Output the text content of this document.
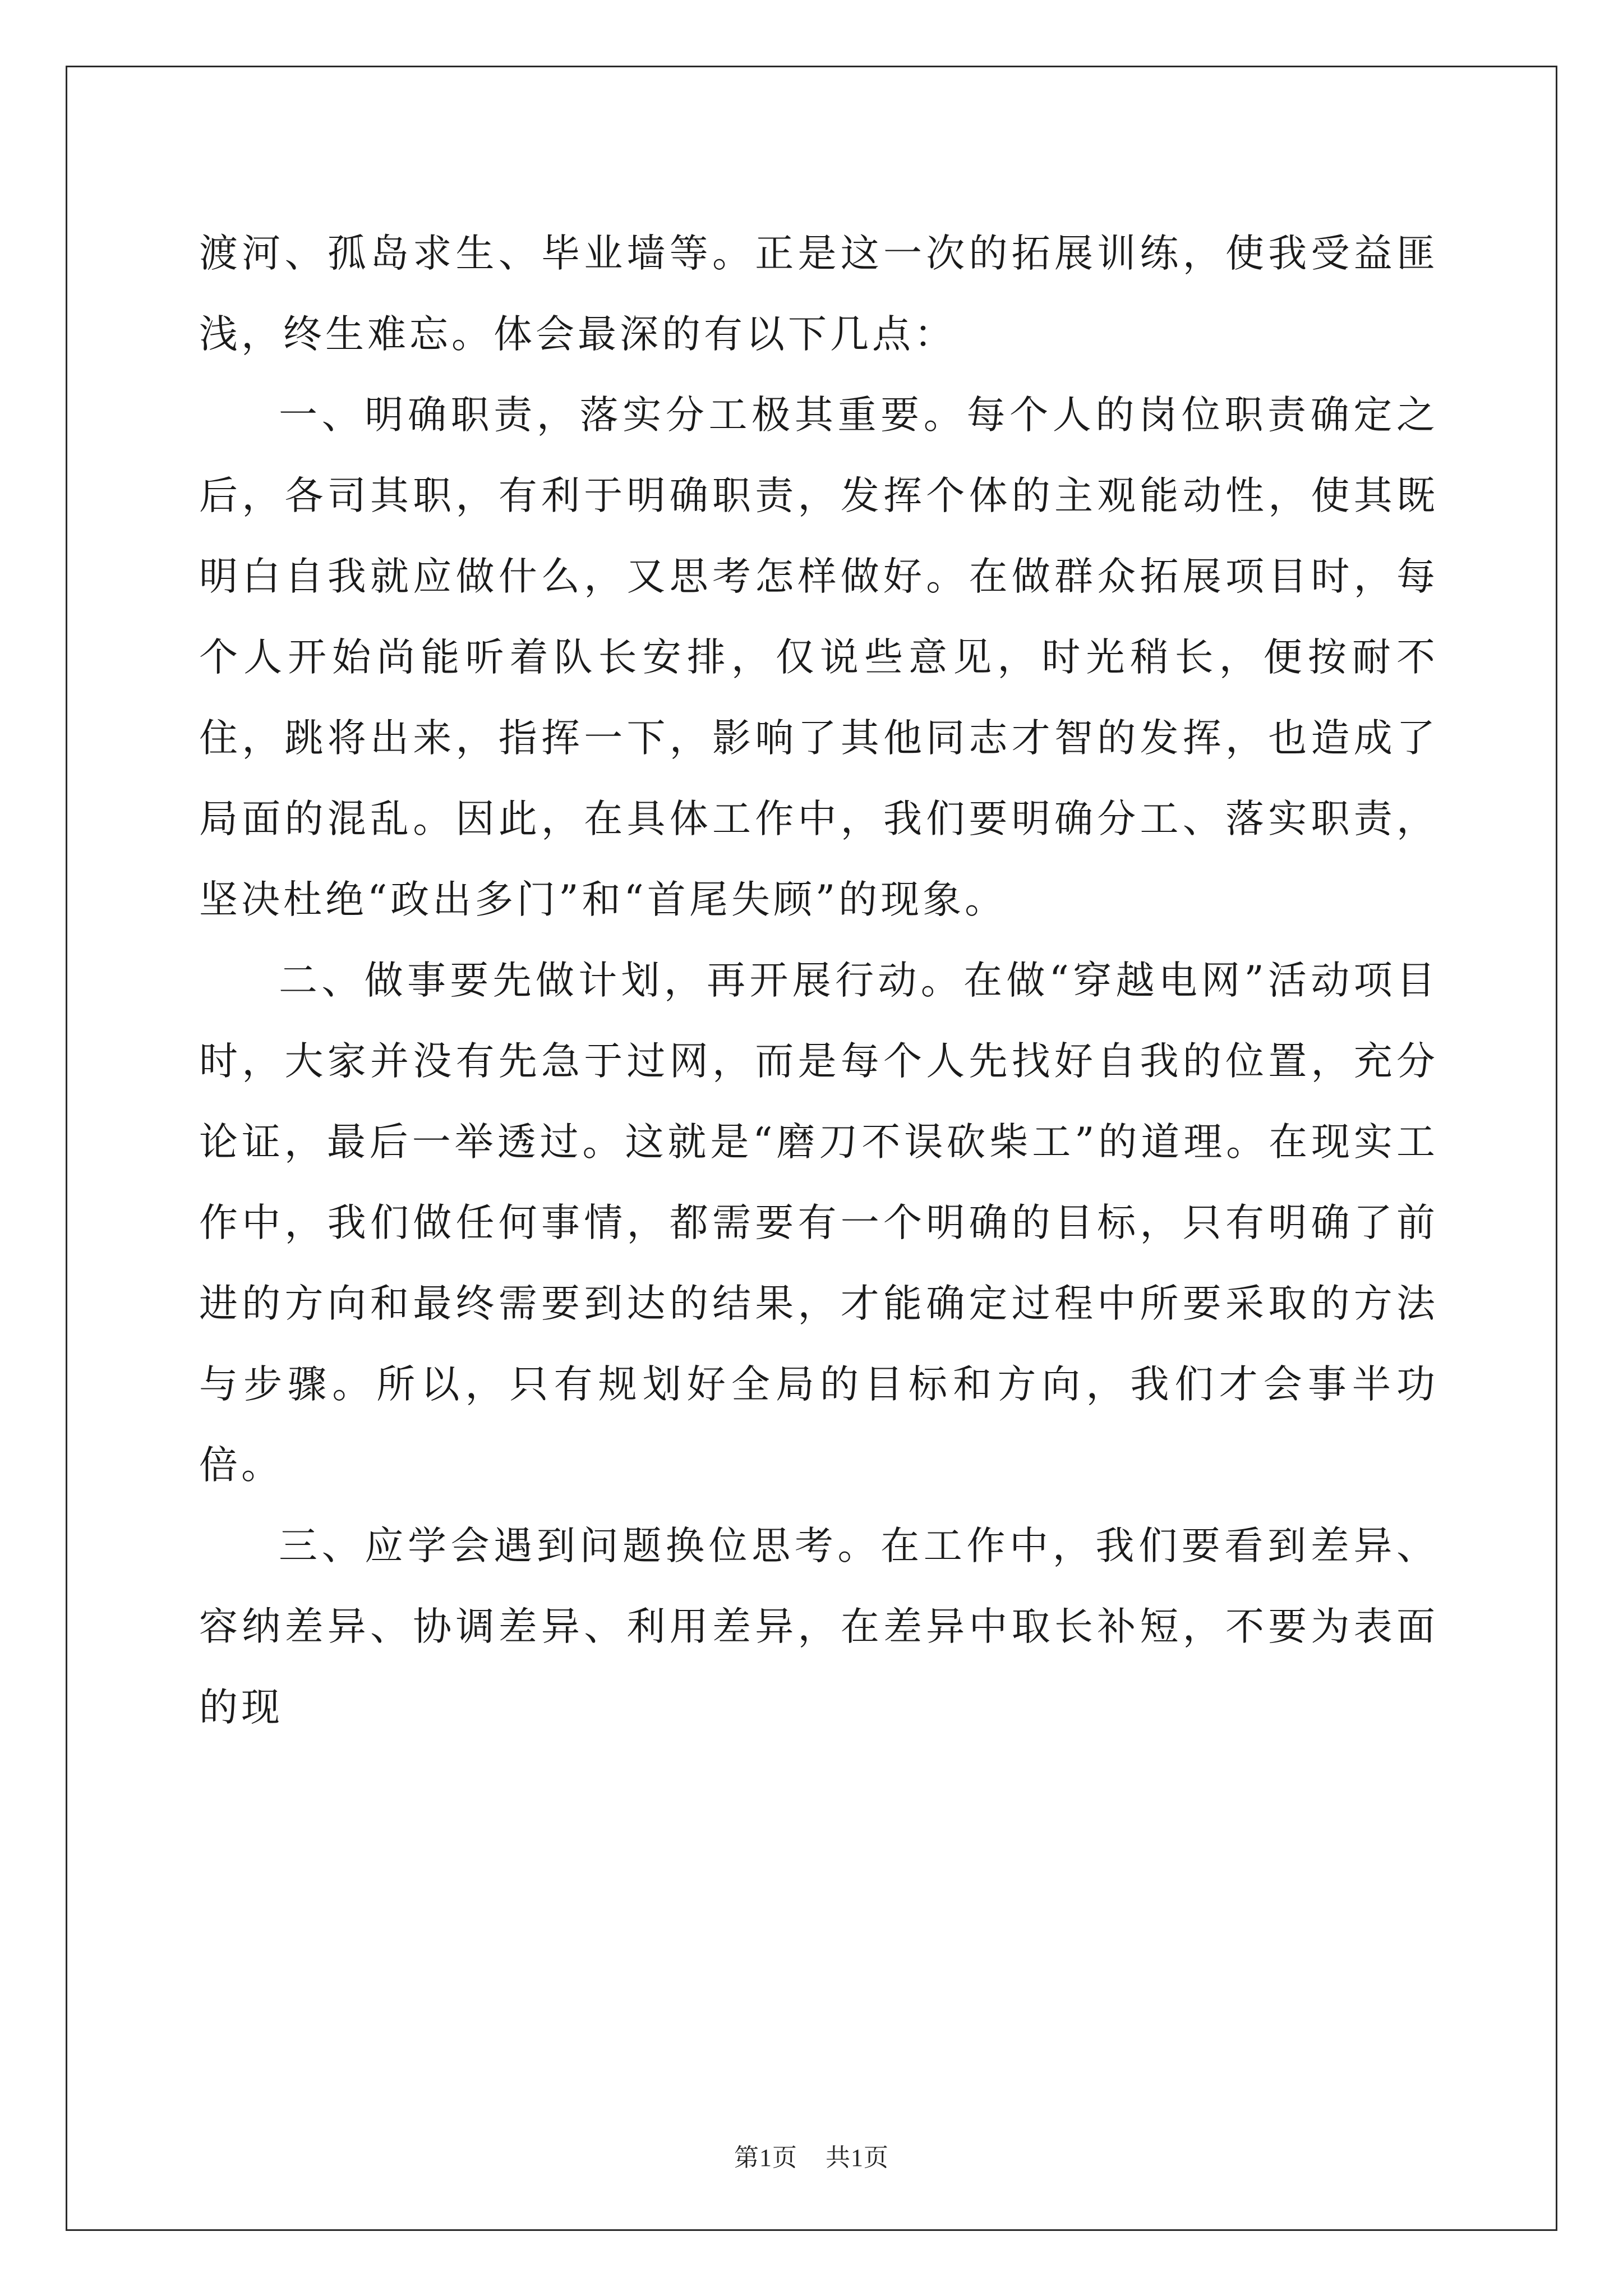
渡河、孤岛求生、毕业墙等。正是这一次的拓展训练，使我受益匪浅，终生难忘。体会最深的有以下几点：

一、明确职责，落实分工极其重要。每个人的岗位职责确定之后，各司其职，有利于明确职责，发挥个体的主观能动性，使其既明白自我就应做什么，又思考怎样做好。在做群众拓展项目时，每个人开始尚能听着队长安排，仅说些意见，时光稍长，便按耐不住，跳将出来，指挥一下，影响了其他同志才智的发挥，也造成了局面的混乱。因此，在具体工作中，我们要明确分工、落实职责，坚决杜绝“政出多门”和“首尾失顾”的现象。

二、做事要先做计划，再开展行动。在做“穿越电网”活动项目时，大家并没有先急于过网，而是每个人先找好自我的位置，充分论证，最后一举透过。这就是“磨刀不误砍柴工”的道理。在现实工作中，我们做任何事情，都需要有一个明确的目标，只有明确了前进的方向和最终需要到达的结果，才能确定过程中所要采取的方法与步骤。所以，只有规划好全局的目标和方向，我们才会事半功倍。

三、应学会遇到问题换位思考。在工作中，我们要看到差异、容纳差异、协调差异、利用差异，在差异中取长补短，不要为表面的现

第1页 共1页
